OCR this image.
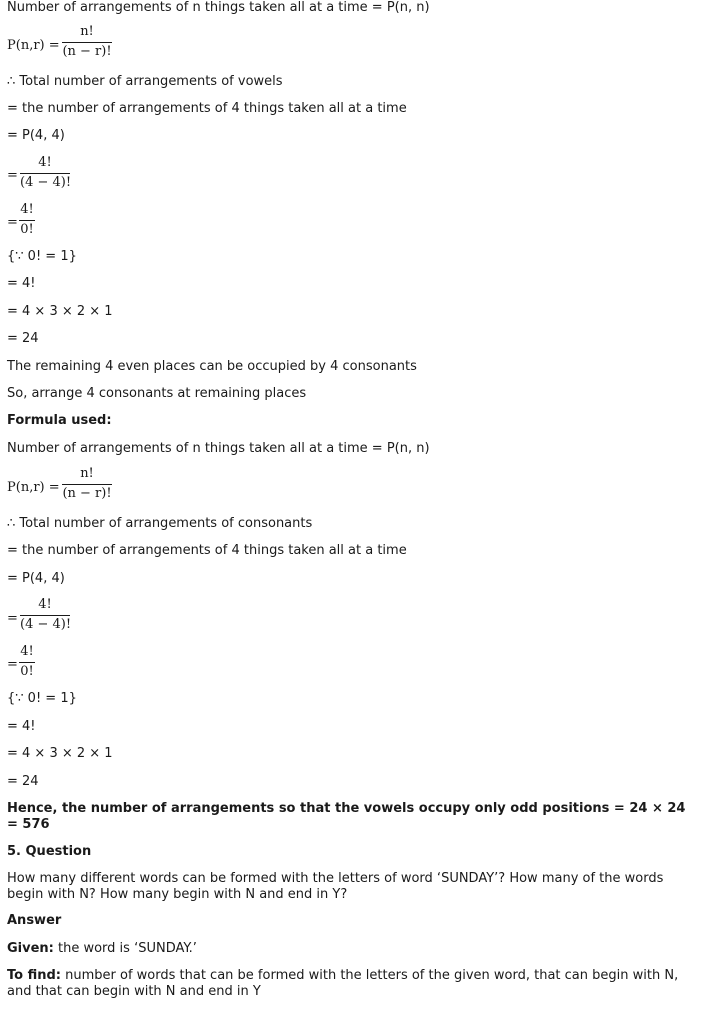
Number of arrangements of n things taken all at a time = P(n, n)
P(n,r) =
n!
(n − r)!
∴ Total number of arrangements of vowels
= the number of arrangements of 4 things taken all at a time
= P(4, 4)
=
4!
(4 − 4)!
=
4!
0!
{∵ 0! = 1}
= 4!
= 4 × 3 × 2 × 1
= 24
The remaining 4 even places can be occupied by 4 consonants
So, arrange 4 consonants at remaining places
Formula used:
Number of arrangements of n things taken all at a time = P(n, n)
P(n,r) =
n!
(n − r)!
∴ Total number of arrangements of consonants
= the number of arrangements of 4 things taken all at a time
= P(4, 4)
=
4!
(4 − 4)!
=
4!
0!
{∵ 0! = 1}
= 4!
= 4 × 3 × 2 × 1
= 24
Hence, the number of arrangements so that the vowels occupy only odd positions = 24 × 24 = 576
5. Question
How many different words can be formed with the letters of word ‘SUNDAY’? How many of the words begin with N? How many begin with N and end in Y?
Answer
Given: the word is ‘SUNDAY.’
To find: number of words that can be formed with the letters of the given word, that can begin with N, and that can begin with N and end in Y
